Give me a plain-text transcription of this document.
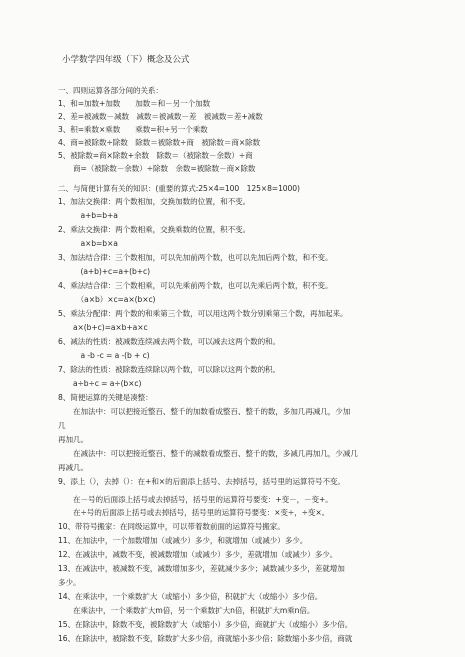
小学数学四年级（下）概念及公式
一、四则运算各部分间的关系：
1、和=加数+加数　　加数＝和－另一个加数
2、差=被减数－减数　减数＝被减数－差　被减数＝差+减数
3、积=乘数×乘数　　乘数=积÷另一个乘数
4、商=被除数÷除数　除数＝被除数÷商　被除数＝商×除数
5、被除数=商×除数+余数　除数＝（被除数－余数）÷商
　　商=（被除数－余数）÷除数　余数=被除数－商×除数
二、与简便计算有关的知识：(重要的算式:25×4=100　125×8=1000)
1、加法交换律：两个数相加，交换加数的位置，和不变。
　　　a+b=b+a
2、乘法交换律：两个数相乘，交换乘数的位置，积不变。
　　　a×b=b×a
3、加法结合律：三个数相加，可以先加前两个数，也可以先加后两个数，和不变。
　　　(a+b)+c=a+(b+c)
4、乘法结合律：三个数相乘，可以先乘前两个数，也可以先乘后两个数，积不变。
　　　（a×b）×c=a×(b×c)
5、乘法分配律：两个数的和乘第三个数，可以用这两个数分别乘第三个数，再加起来。
　　a×(b+c)=a×b+a×c
6、减法的性质：被减数连续减去两个数，可以减去这两个数的和。
　　　a -b -c = a -(b + c)
7、除法的性质：被除数连续除以两个数，可以除以这两个数的积。
　　a÷b÷c = a÷(b×c)
8、简便运算的关键是凑整：
　　在加法中：可以把接近整百、整千的加数看成整百、整千的数，多加几再减几，少加
几
再加几。
　　在减法中：可以把接近整百、整千的减数看成整百、整千的数，多减几再加几，少减几
再减几。
9、添上（），去掉（）：在+和×的后面添上括号、去掉括号，括号里的运算符号不变。
　　在－号的后面添上括号或去掉括号，括号里的运算符号要变：+变－，－变+。
　　在÷号的后面添上括号或去掉括号，括号里的运算符号要变：×变÷，÷变×。
10、带符号搬家：在同级运算中，可以带着数前面的运算符号搬家。
11、在加法中，一个加数增加（或减少）多少，和就增加（或减少）多少。
12、在减法中，减数不变，被减数增加（或减少）多少，差就增加（或减少）多少。
13、在减法中，被减数不变，减数增加多少，差就减少多少；减数减少多少，差就增加
多少。
14、在乘法中，一个乘数扩大（或缩小）多少倍，积就扩大（或缩小）多少倍。
　　在乘法中，一个乘数扩大m倍，另一个乘数扩大n倍，积就扩大m乘n倍。
15、在除法中，除数不变，被除数扩大（或缩小）多少倍，商就扩大（或缩小）多少倍。
16、在除法中，被除数不变，除数扩大多少倍，商就缩小多少倍；除数缩小多少倍，商就
